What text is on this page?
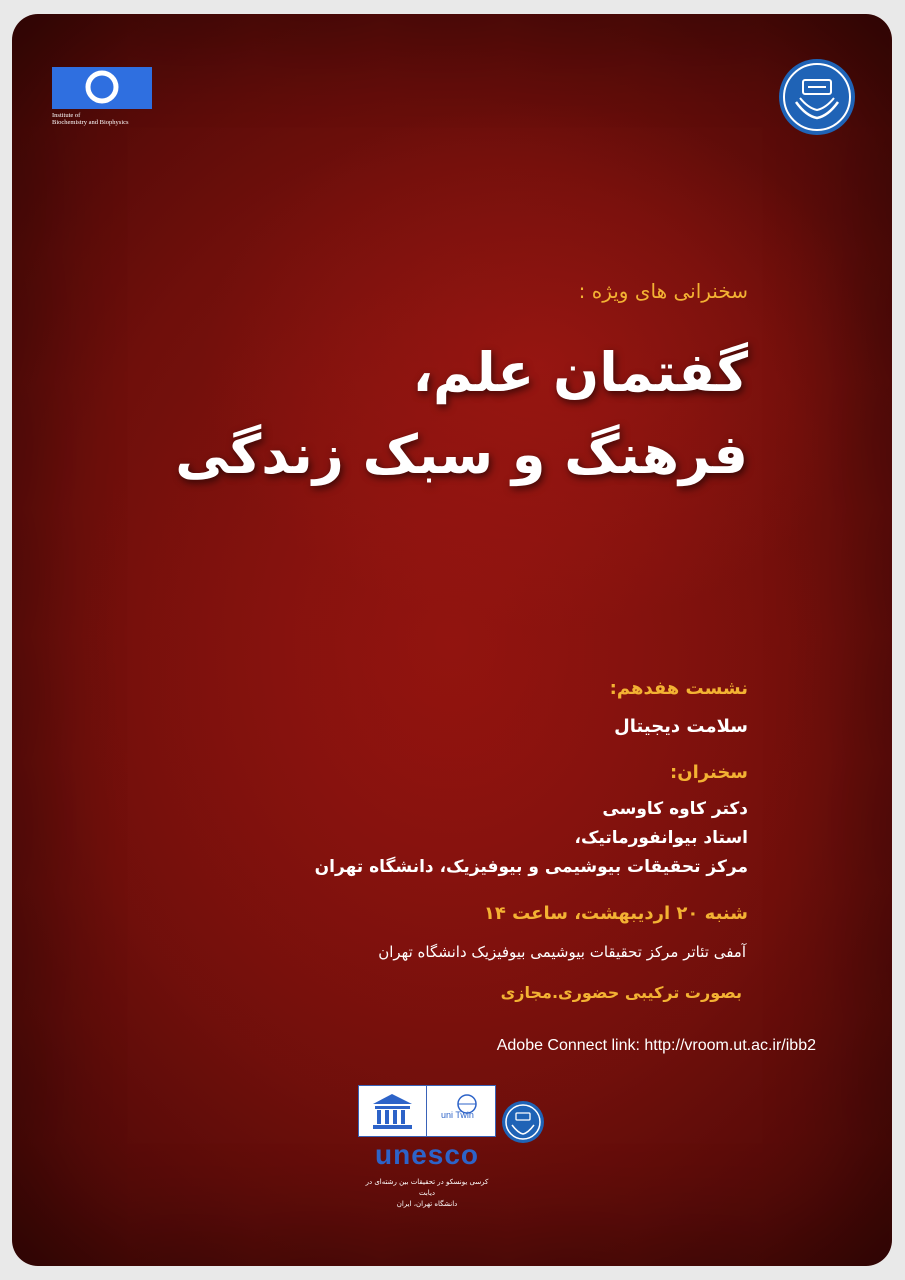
Institute of
Biochemistry and Biophysics
سخنرانی های ویژه :
گفتمان علم،
فرهنگ و سبک زندگی
نشست هفدهم:
سلامت دیجیتال
سخنران:
دکتر کاوه کاوسی
استاد بیوانفورماتیک،
مرکز تحقیقات بیوشیمی و بیوفیزیک، دانشگاه تهران
شنبه ۲۰ اردیبهشت، ساعت ۱۴
آمفی تئاتر مرکز تحقیقات بیوشیمی بیوفیزیک دانشگاه تهران
بصورت ترکیبی حضوری.مجازی
Adobe Connect link: http://vroom.ut.ac.ir/ibb2
uni Twin
unesco
کرسی یونسکو در تحقیقات بین رشته‌ای در دیابت
دانشگاه تهران، ایران
